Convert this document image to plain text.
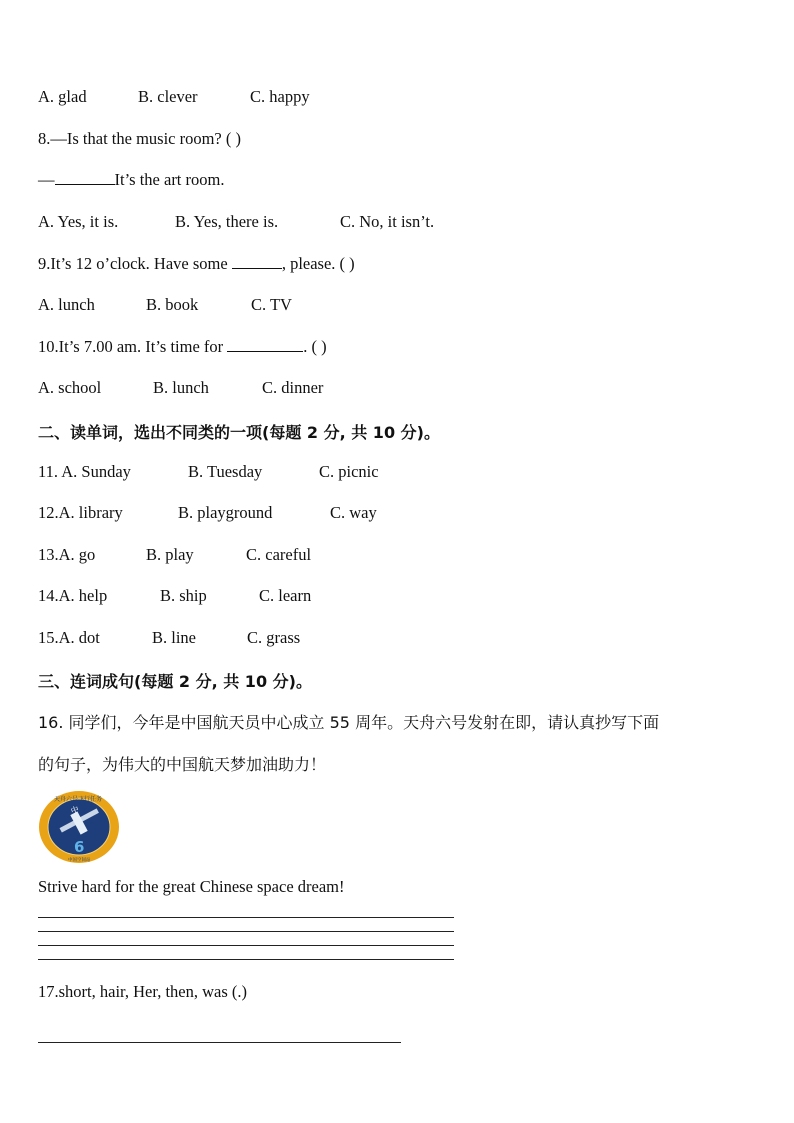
A. glad	B. clever	C. happy
8.—Is that the music room? ( )
—	It’s the art room.
A. Yes, it is.	B. Yes, there is.	C. No, it isn’t.
9.It’s 12 o’clock. Have some	, please. ( )
A. lunch	B. book	C. TV
10.It’s 7.00 am. It’s time for	. ( )
A. school	B. lunch	C. dinner
二、读单词，选出不同类的一项(每题 2 分, 共 10 分)。
11. A. Sunday	B. Tuesday	C. picnic
12.A. library	B. playground	C. way
13.A. go	B. play	C. careful
14.A. help	B. ship	C. learn
15.A. dot	B. line	C. grass
三、连词成句(每题 2 分, 共 10 分)。
16. 同学们，今年是中国航天员中心成立 55 周年。天舟六号发射在即，请认真抄写下面
的句子，为伟大的中国航天梦加油助力！
中
6
天舟六号飞行任务
中国空间站
Strive hard for the great Chinese space dream!
17.short, hair, Her, then, was (.)
